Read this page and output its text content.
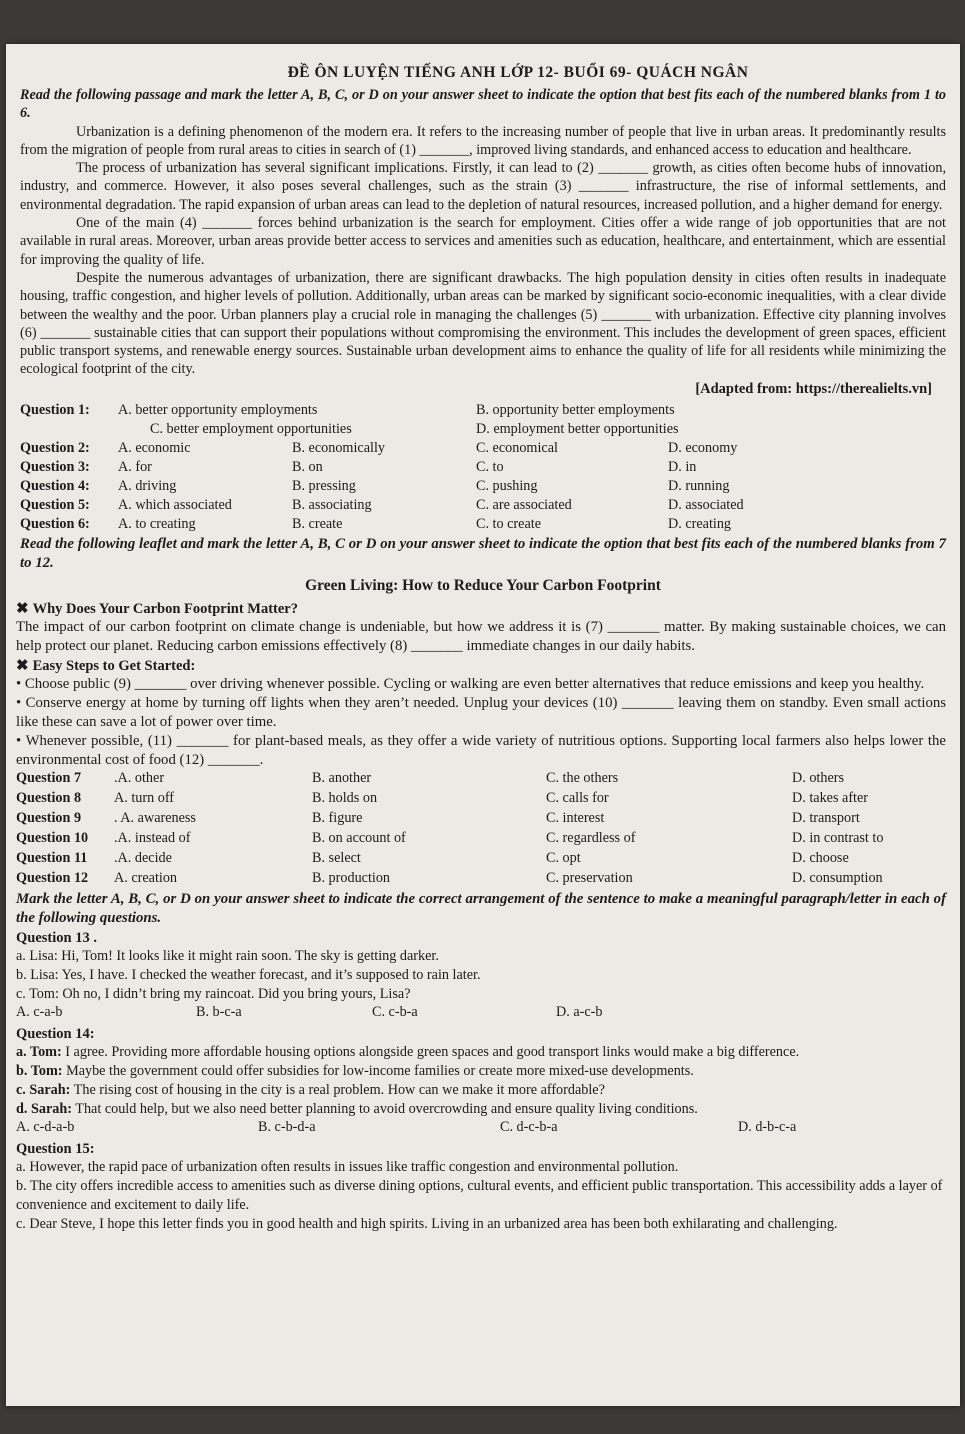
ĐỀ ÔN LUYỆN TIẾNG ANH LỚP 12- BUỔI 69- QUÁCH NGÂN
Read the following passage and mark the letter A, B, C, or D on your answer sheet to indicate the option that best fits each of the numbered blanks from 1 to 6.
Urbanization is a defining phenomenon of the modern era. It refers to the increasing number of people that live in urban areas. It predominantly results from the migration of people from rural areas to cities in search of (1) _______, improved living standards, and enhanced access to education and healthcare.
The process of urbanization has several significant implications. Firstly, it can lead to (2) _______ growth, as cities often become hubs of innovation, industry, and commerce. However, it also poses several challenges, such as the strain (3) _______ infrastructure, the rise of informal settlements, and environmental degradation. The rapid expansion of urban areas can lead to the depletion of natural resources, increased pollution, and a higher demand for energy.
One of the main (4) _______ forces behind urbanization is the search for employment. Cities offer a wide range of job opportunities that are not available in rural areas. Moreover, urban areas provide better access to services and amenities such as education, healthcare, and entertainment, which are essential for improving the quality of life.
Despite the numerous advantages of urbanization, there are significant drawbacks. The high population density in cities often results in inadequate housing, traffic congestion, and higher levels of pollution. Additionally, urban areas can be marked by significant socio-economic inequalities, with a clear divide between the wealthy and the poor. Urban planners play a crucial role in managing the challenges (5) _______ with urbanization. Effective city planning involves (6) _______ sustainable cities that can support their populations without compromising the environment. This includes the development of green spaces, efficient public transport systems, and renewable energy sources. Sustainable urban development aims to enhance the quality of life for all residents while minimizing the ecological footprint of the city.
[Adapted from: https://therealielts.vn]
Question 1: A. better opportunity employments	B. opportunity better employments
C. better employment opportunities	D. employment better opportunities
Question 2: A. economic	B. economically	C. economical	D. economy
Question 3: A. for	B. on	C. to	D. in
Question 4: A. driving	B. pressing	C. pushing	D. running
Question 5: A. which associated	B. associating	C. are associated	D. associated
Question 6: A. to creating	B. create	C. to create	D. creating
Read the following leaflet and mark the letter A, B, C or D on your answer sheet to indicate the option that best fits each of the numbered blanks from 7 to 12.
Green Living: How to Reduce Your Carbon Footprint
✖ Why Does Your Carbon Footprint Matter?
The impact of our carbon footprint on climate change is undeniable, but how we address it is (7) _______ matter. By making sustainable choices, we can help protect our planet. Reducing carbon emissions effectively (8) _______ immediate changes in our daily habits.
✖ Easy Steps to Get Started:
• Choose public (9) _______ over driving whenever possible. Cycling or walking are even better alternatives that reduce emissions and keep you healthy.
• Conserve energy at home by turning off lights when they aren’t needed. Unplug your devices (10) _______ leaving them on standby. Even small actions like these can save a lot of power over time.
• Whenever possible, (11) _______ for plant-based meals, as they offer a wide variety of nutritious options. Supporting local farmers also helps lower the environmental cost of food (12) _______.
Question 7 .A. other	B. another	C. the others	D. others
Question 8 A. turn off	B. holds on	C. calls for	D. takes after
Question 9 . A. awareness	B. figure	C. interest	D. transport
Question 10 .A. instead of	B. on account of	C. regardless of	D. in contrast to
Question 11 .A. decide	B. select	C. opt	D. choose
Question 12 A. creation	B. production	C. preservation	D. consumption
Mark the letter A, B, C, or D on your answer sheet to indicate the correct arrangement of the sentence to make a meaningful paragraph/letter in each of the following questions.
Question 13 .
a. Lisa: Hi, Tom! It looks like it might rain soon. The sky is getting darker.
b. Lisa: Yes, I have. I checked the weather forecast, and it’s supposed to rain later.
c. Tom: Oh no, I didn’t bring my raincoat. Did you bring yours, Lisa?
A. c-a-b	B. b-c-a	C. c-b-a	D. a-c-b
Question 14:
a. Tom: I agree. Providing more affordable housing options alongside green spaces and good transport links would make a big difference.
b. Tom: Maybe the government could offer subsidies for low-income families or create more mixed-use developments.
c. Sarah: The rising cost of housing in the city is a real problem. How can we make it more affordable?
d. Sarah: That could help, but we also need better planning to avoid overcrowding and ensure quality living conditions.
A. c-d-a-b	B. c-b-d-a	C. d-c-b-a	D. d-b-c-a
Question 15:
a. However, the rapid pace of urbanization often results in issues like traffic congestion and environmental pollution.
b. The city offers incredible access to amenities such as diverse dining options, cultural events, and efficient public transportation. This accessibility adds a layer of convenience and excitement to daily life.
c. Dear Steve, I hope this letter finds you in good health and high spirits. Living in an urbanized area has been both exhilarating and challenging.
